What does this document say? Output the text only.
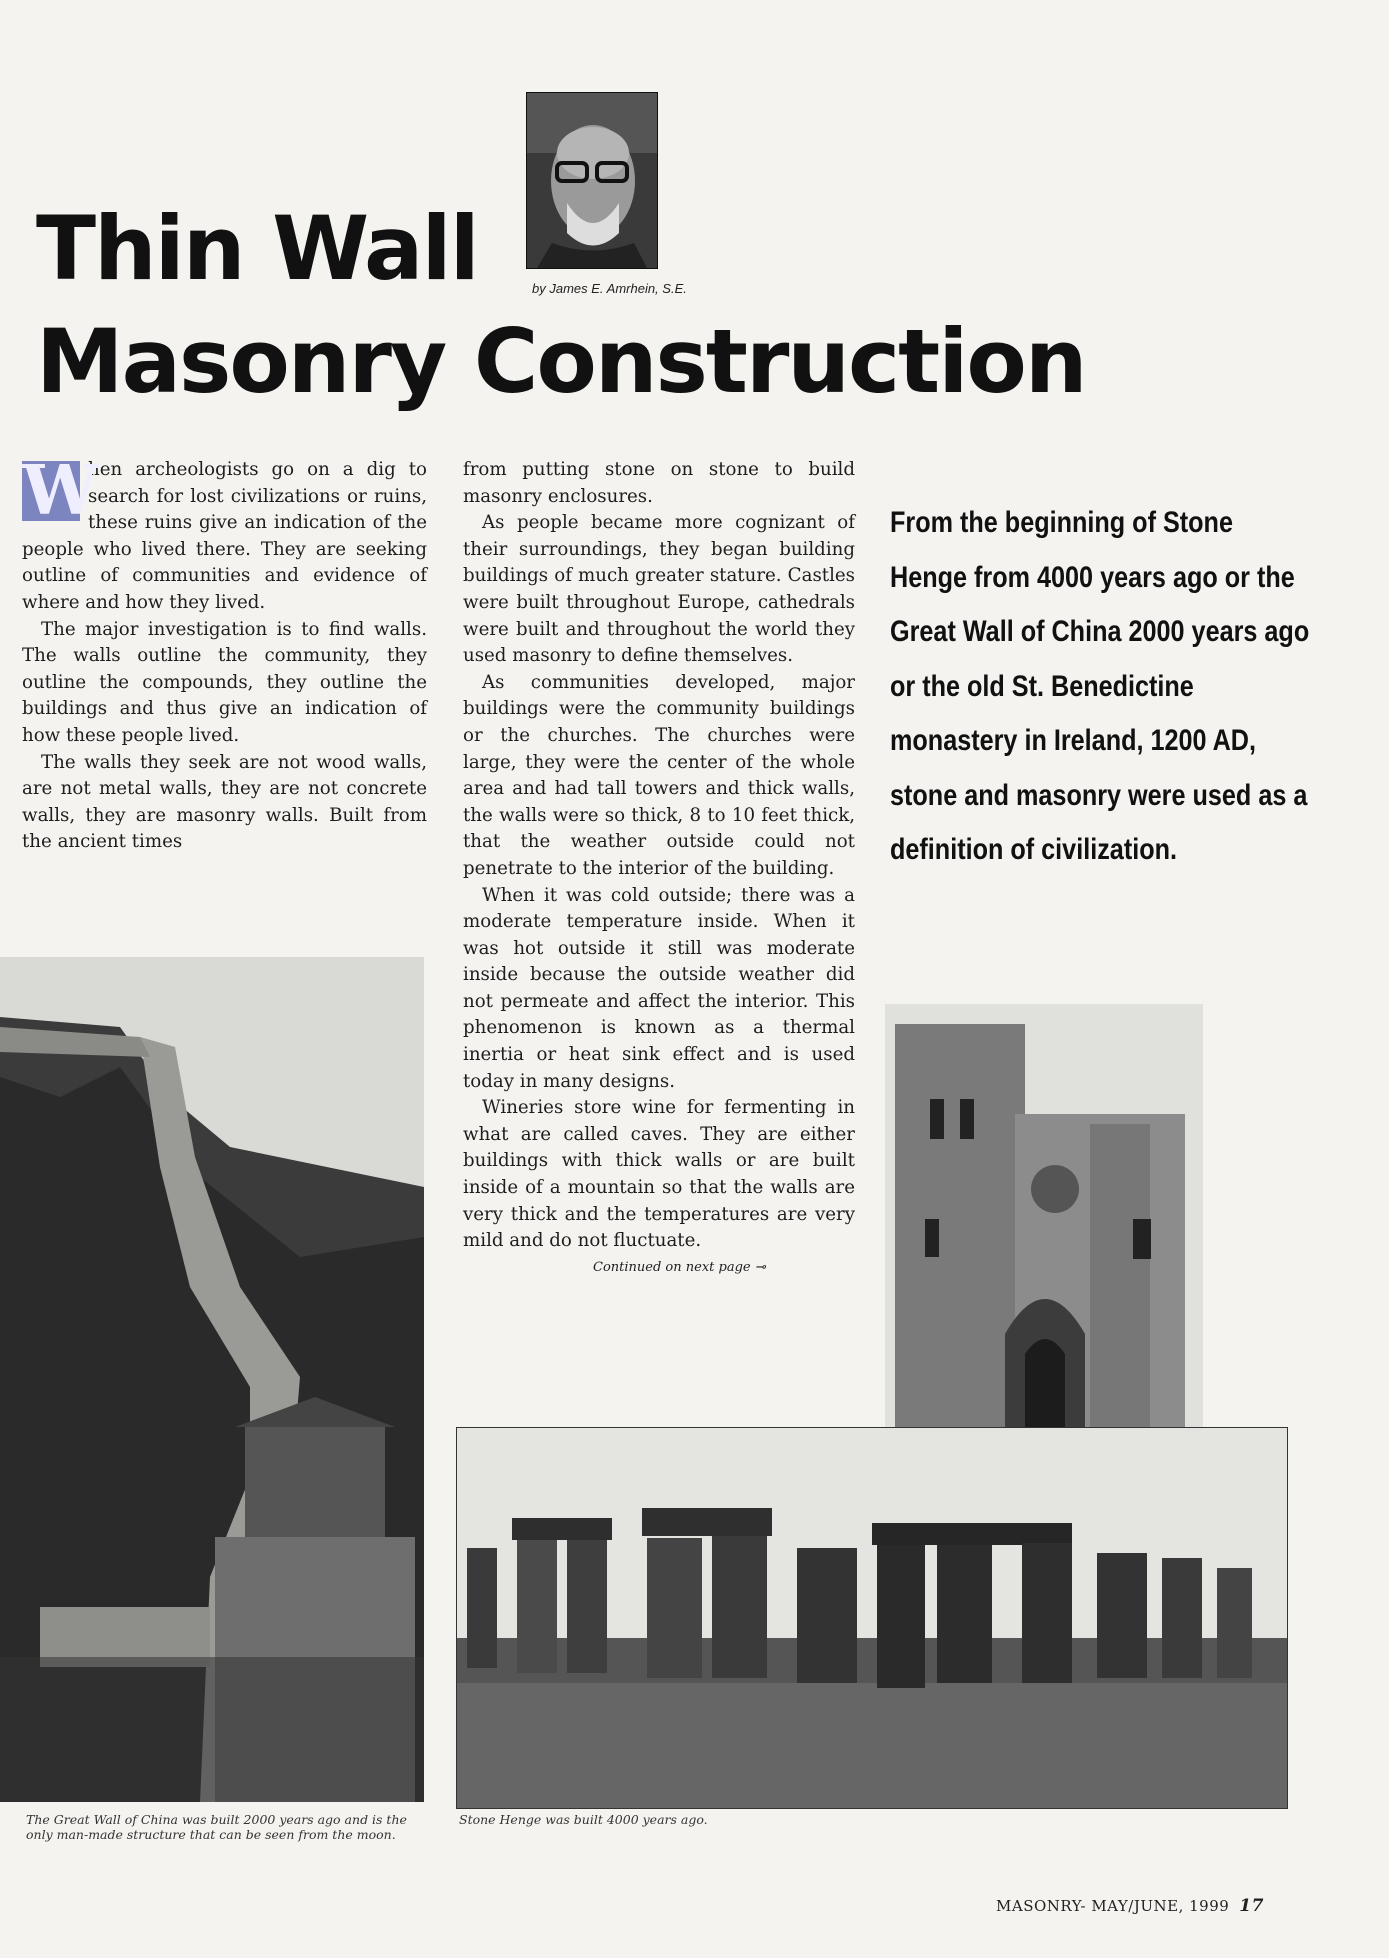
Thin Wall
Masonry Construction
by James E. Amrhein, S.E.
W

hen archeologists go on a dig to search for lost civilizations or ruins, these ruins give an indication of the people who lived there. They are seeking outline of communities and evidence of where and how they lived.

The major investigation is to find walls. The walls outline the community, they outline the compounds, they outline the buildings and thus give an indication of how these people lived.

The walls they seek are not wood walls, are not metal walls, they are not concrete walls, they are masonry walls. Built from the ancient times

from putting stone on stone to build masonry enclosures.

As people became more cognizant of their surroundings, they began building buildings of much greater stature. Castles were built throughout Europe, cathedrals were built and throughout the world they used masonry to define themselves.

As communities developed, major buildings were the community buildings or the churches. The churches were large, they were the center of the whole area and had tall towers and thick walls, the walls were so thick, 8 to 10 feet thick, that the weather outside could not penetrate to the interior of the building.

When it was cold outside; there was a moderate temperature inside. When it was hot outside it still was moderate inside because the outside weather did not permeate and affect the interior. This phenomenon is known as a thermal inertia or heat sink effect and is used today in many designs.

Wineries store wine for fermenting in what are called caves. They are either buildings with thick walls or are built inside of a mountain so that the walls are very thick and the temperatures are very mild and do not fluctuate.

Continued on next page ⊸
From the beginning of Stone Henge from 4000 years ago or the Great Wall of China 2000 years ago or the old St. Benedictine monastery in Ireland, 1200 AD, stone and masonry were used as a definition of civilization.
The Great Wall of China was built 2000 years ago and is the only man-made structure that can be seen from the moon.
Stone Henge was built 4000 years ago.
MASONRY- MAY/JUNE, 1999 17
